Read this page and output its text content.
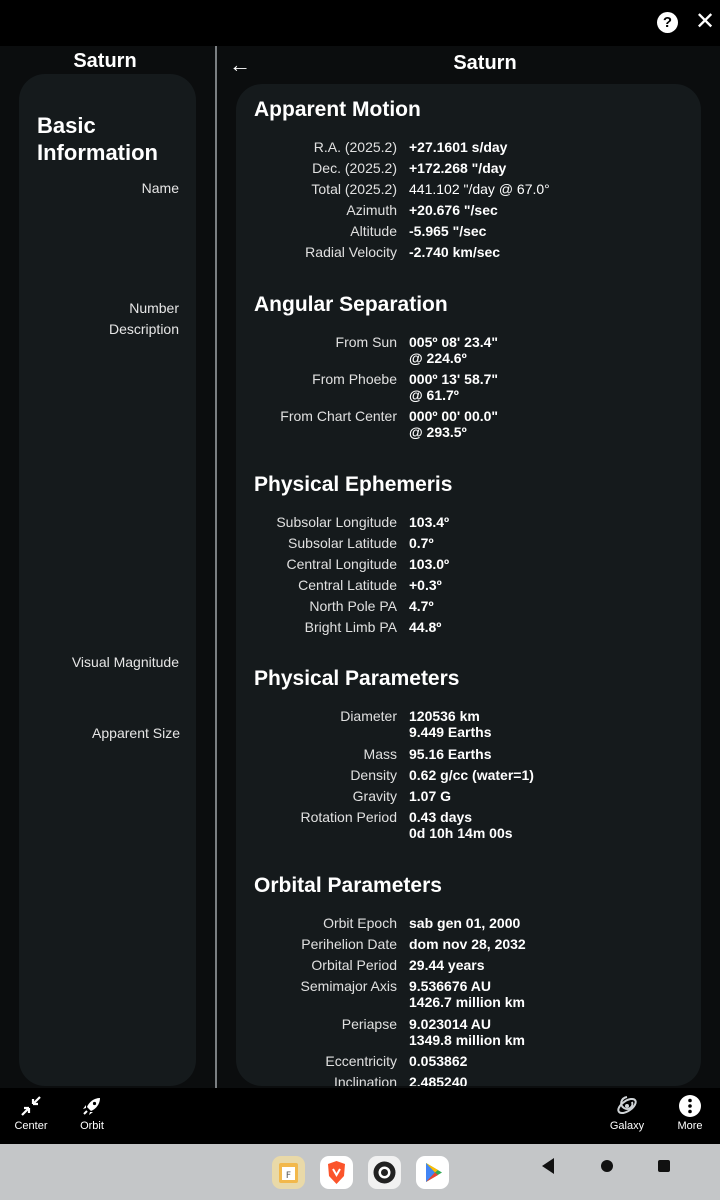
? ✕
Saturn
Basic Information
Name
Number
Description
Visual Magnitude
Apparent Size
←	Saturn
Apparent Motion
R.A. (2025.2) +27.1601 s/day
Dec. (2025.2) +172.268 "/day
Total (2025.2) 441.102 "/day @ 67.0°
Azimuth +20.676 "/sec
Altitude -5.965 "/sec
Radial Velocity -2.740 km/sec
Angular Separation
From Sun 005º 08' 23.4"
@ 224.6º
From Phoebe 000º 13' 58.7"
@ 61.7º
From Chart Center 000º 00' 00.0"
@ 293.5º
Physical Ephemeris
Subsolar Longitude 103.4º
Subsolar Latitude 0.7º
Central Longitude 103.0º
Central Latitude +0.3º
North Pole PA 4.7º
Bright Limb PA 44.8º
Physical Parameters
Diameter 120536 km
9.449 Earths
Mass 95.16 Earths
Density 0.62 g/cc (water=1)
Gravity 1.07 G
Rotation Period 0.43 days
0d 10h 14m 00s
Orbital Parameters
Orbit Epoch sab gen 01, 2000
Perihelion Date dom nov 28, 2032
Orbital Period 29.44 years
Semimajor Axis 9.536676 AU
1426.7 million km
Periapse 9.023014 AU
1349.8 million km
Eccentricity 0.053862
Inclination 2.485240
Center	Orbit	Galaxy	More
F
